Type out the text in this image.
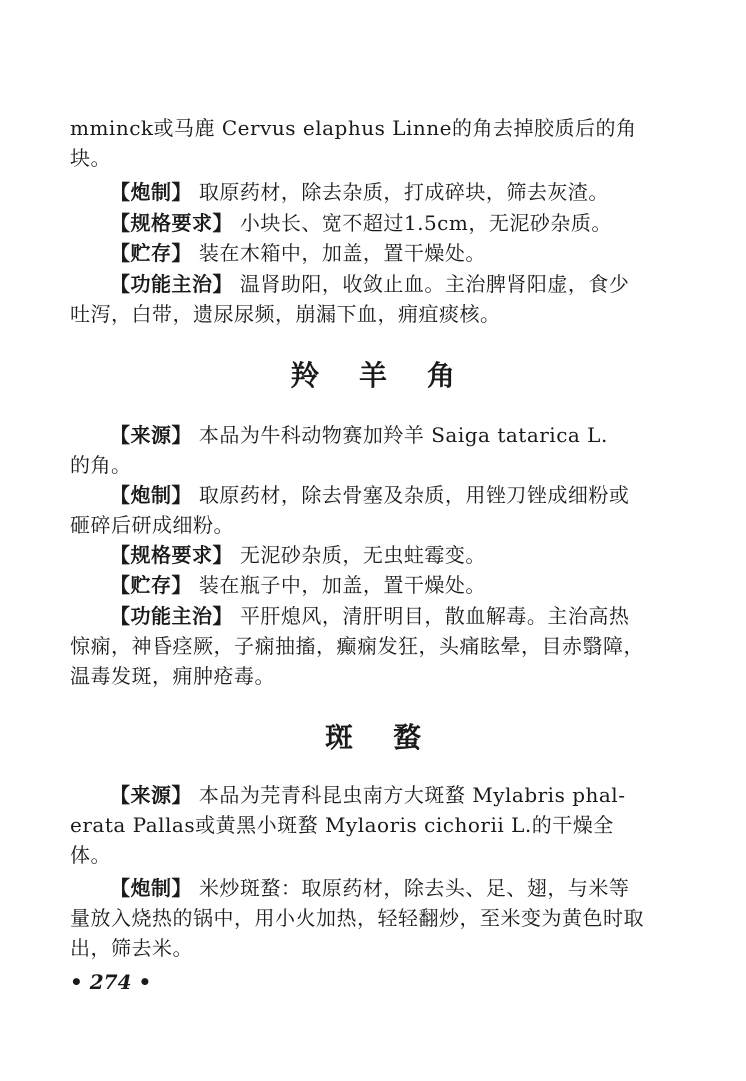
mminck或马鹿 Cervus elaphus Linne的角去掉胶质后的角
块。
【炮制】 取原药材，除去杂质，打成碎块，筛去灰渣。
【规格要求】 小块长、宽不超过1.5cm，无泥砂杂质。
【贮存】 装在木箱中，加盖，置干燥处。
【功能主治】 温肾助阳，收敛止血。主治脾肾阳虚，食少
吐泻，白带，遗尿尿频，崩漏下血，痈疽痰核。
羚羊角
【来源】 本品为牛科动物赛加羚羊 Saiga tatarica L.
的角。
【炮制】 取原药材，除去骨塞及杂质，用锉刀锉成细粉或
砸碎后研成细粉。
【规格要求】 无泥砂杂质，无虫蛀霉变。
【贮存】 装在瓶子中，加盖，置干燥处。
【功能主治】 平肝熄风，清肝明目，散血解毒。主治高热
惊痫，神昏痉厥，子痫抽搐，癫痫发狂，头痛眩晕，目赤翳障，
温毒发斑，痈肿疮毒。
斑蝥
【来源】 本品为芫青科昆虫南方大斑蝥 Mylabris phal-
erata Pallas或黄黑小斑蝥 Mylaoris cichorii L.的干燥全
体。
【炮制】 米炒斑蝥：取原药材，除去头、足、翅，与米等
量放入烧热的锅中，用小火加热，轻轻翻炒，至米变为黄色时取
出，筛去米。
• 274 •
